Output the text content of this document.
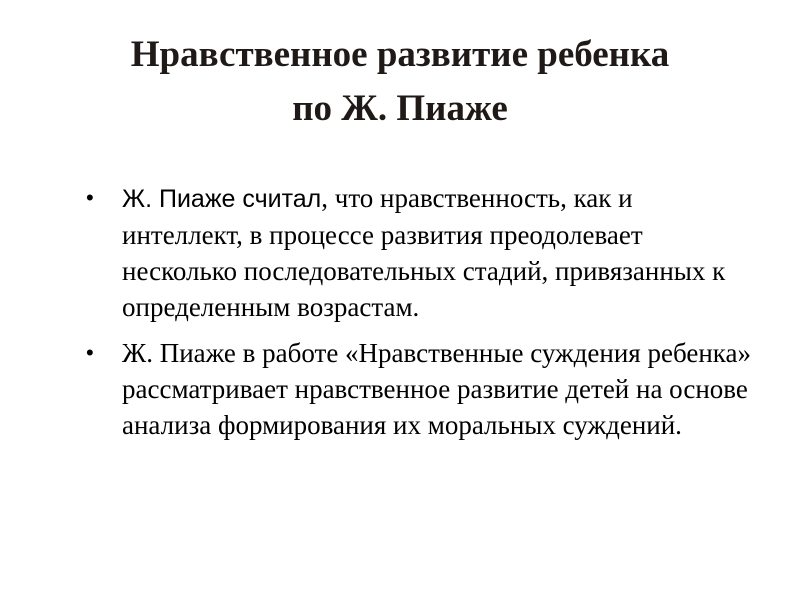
Нравственное развитие ребенка
по Ж. Пиаже
• Ж. Пиаже считал, что нравственность, как и интеллект, в процессе развития преодолевает несколько последовательных стадий, привязанных к определенным возрастам.
• Ж. Пиаже в работе «Нравственные суждения ребенка» рассматривает нравственное развитие детей на основе анализа формирования их моральных суждений.
